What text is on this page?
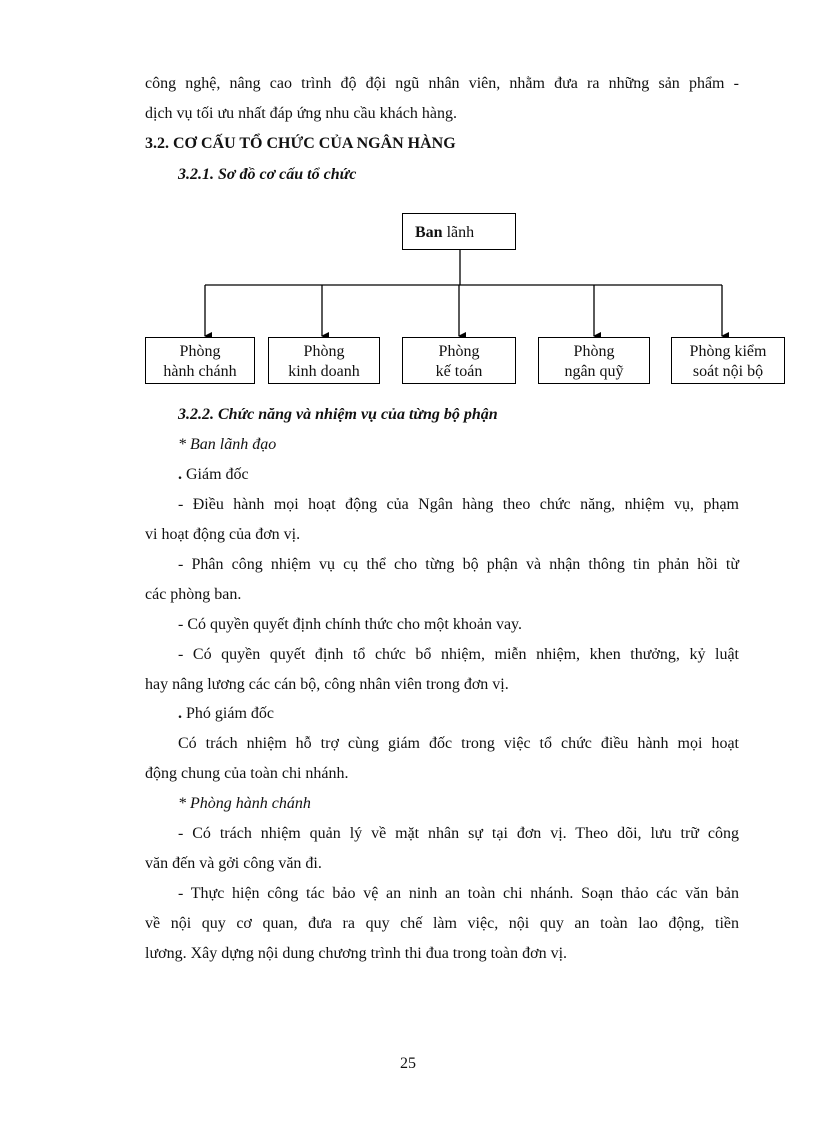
công nghệ, nâng cao trình độ đội ngũ nhân viên, nhằm đưa ra những sản phẩm -
dịch vụ tối ưu nhất đáp ứng nhu cầu khách hàng.
3.2. CƠ CẤU TỔ CHỨC CỦA NGÂN HÀNG
3.2.1. Sơ đồ cơ cấu tổ chức
Ban lãnh
Phòng
hành chánh
Phòng
kinh doanh
Phòng
kế toán
Phòng
ngân quỹ
Phòng kiểm
soát nội bộ
3.2.2. Chức năng và nhiệm vụ của từng bộ phận
* Ban lãnh đạo
. Giám đốc
- Điều hành mọi hoạt động của Ngân hàng theo chức năng, nhiệm vụ, phạm
vi hoạt động của đơn vị.
- Phân công nhiệm vụ cụ thể cho từng bộ phận và nhận thông tin phản hồi từ
các phòng ban.
- Có quyền quyết định chính thức cho một khoản vay.
- Có quyền quyết định tổ chức bổ nhiệm, miễn nhiệm, khen thưởng, kỷ luật
hay nâng lương các cán bộ, công nhân viên trong đơn vị.
. Phó giám đốc
Có trách nhiệm hỗ trợ cùng giám đốc trong việc tổ chức điều hành mọi hoạt
động chung của toàn chi nhánh.
* Phòng hành chánh
- Có trách nhiệm quản lý về mặt nhân sự tại đơn vị. Theo dõi, lưu trữ công
văn đến và gởi công văn đi.
- Thực hiện công tác bảo vệ an ninh an toàn chi nhánh. Soạn thảo các văn bản
về nội quy cơ quan, đưa ra quy chế làm việc, nội quy an toàn lao động, tiền
lương. Xây dựng nội dung chương trình thi đua trong toàn đơn vị.
25
